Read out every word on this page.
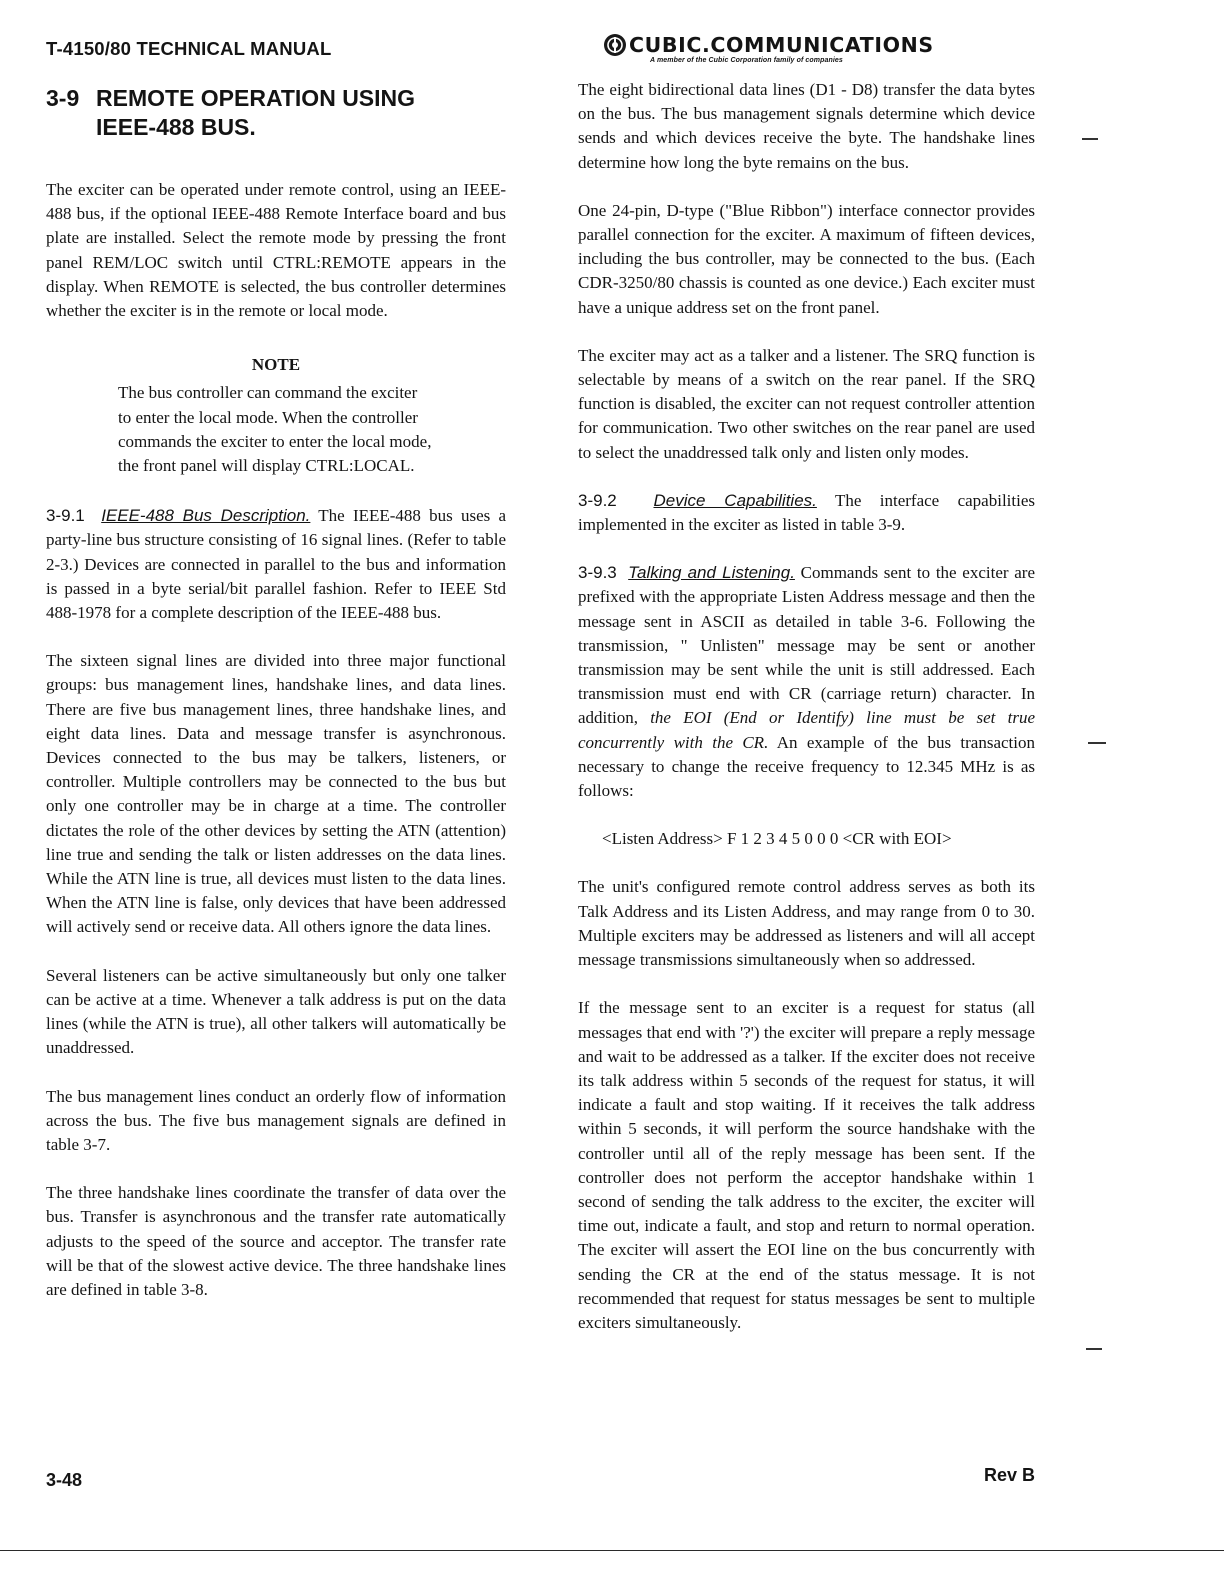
T-4150/80 TECHNICAL MANUAL	CUBIC.COMMUNICATIONS
A member of the Cubic Corporation family of companies
3-9 REMOTE OPERATION USING
IEEE-488 BUS.

The exciter can be operated under remote control, using an IEEE-488 bus, if the optional IEEE-488 Remote Interface board and bus plate are installed. Select the remote mode by pressing the front panel REM/LOC switch until CTRL:REMOTE appears in the display. When REMOTE is selected, the bus controller determines whether the exciter is in the remote or local mode.

NOTE
The bus controller can command the exciter to enter the local mode. When the controller commands the exciter to enter the local mode, the front panel will display CTRL:LOCAL.

3-9.1 IEEE-488 Bus Description. The IEEE-488 bus uses a party-line bus structure consisting of 16 signal lines. (Refer to table 2-3.) Devices are connected in parallel to the bus and information is passed in a byte serial/bit parallel fashion. Refer to IEEE Std 488-1978 for a complete description of the IEEE-488 bus.

The sixteen signal lines are divided into three major functional groups: bus management lines, handshake lines, and data lines. There are five bus management lines, three handshake lines, and eight data lines. Data and message transfer is asynchronous. Devices connected to the bus may be talkers, listeners, or controller. Multiple controllers may be connected to the bus but only one controller may be in charge at a time. The controller dictates the role of the other devices by setting the ATN (attention) line true and sending the talk or listen addresses on the data lines. While the ATN line is true, all devices must listen to the data lines. When the ATN line is false, only devices that have been addressed will actively send or receive data. All others ignore the data lines.

Several listeners can be active simultaneously but only one talker can be active at a time. Whenever a talk address is put on the data lines (while the ATN is true), all other talkers will automatically be unaddressed.

The bus management lines conduct an orderly flow of information across the bus. The five bus management signals are defined in table 3-7.

The three handshake lines coordinate the transfer of data over the bus. Transfer is asynchronous and the transfer rate automatically adjusts to the speed of the source and acceptor. The transfer rate will be that of the slowest active device. The three handshake lines are defined in table 3-8.

The eight bidirectional data lines (D1 - D8) transfer the data bytes on the bus. The bus management signals determine which device sends and which devices receive the byte. The handshake lines determine how long the byte remains on the bus.

One 24-pin, D-type ("Blue Ribbon") interface connector provides parallel connection for the exciter. A maximum of fifteen devices, including the bus controller, may be connected to the bus. (Each CDR-3250/80 chassis is counted as one device.) Each exciter must have a unique address set on the front panel.

The exciter may act as a talker and a listener. The SRQ function is selectable by means of a switch on the rear panel. If the SRQ function is disabled, the exciter can not request controller attention for communication. Two other switches on the rear panel are used to select the unaddressed talk only and listen only modes.

3-9.2 Device Capabilities. The interface capabilities implemented in the exciter as listed in table 3-9.

3-9.3 Talking and Listening. Commands sent to the exciter are prefixed with the appropriate Listen Address message and then the message sent in ASCII as detailed in table 3-6. Following the transmission, " Unlisten" message may be sent or another transmission may be sent while the unit is still addressed. Each transmission must end with CR (carriage return) character. In addition, the EOI (End or Identify) line must be set true concurrently with the CR. An example of the bus transaction necessary to change the receive frequency to 12.345 MHz is as follows:

<Listen Address> F 1 2 3 4 5 0 0 0 <CR with EOI>

The unit's configured remote control address serves as both its Talk Address and its Listen Address, and may range from 0 to 30. Multiple exciters may be addressed as listeners and will all accept message transmissions simultaneously when so addressed.

If the message sent to an exciter is a request for status (all messages that end with '?') the exciter will prepare a reply message and wait to be addressed as a talker. If the exciter does not receive its talk address within 5 seconds of the request for status, it will indicate a fault and stop waiting. If it receives the talk address within 5 seconds, it will perform the source handshake with the controller until all of the reply message has been sent. If the controller does not perform the acceptor handshake within 1 second of sending the talk address to the exciter, the exciter will time out, indicate a fault, and stop and return to normal operation. The exciter will assert the EOI line on the bus concurrently with sending the CR at the end of the status message. It is not recommended that request for status messages be sent to multiple exciters simultaneously.

3-48	Rev B
